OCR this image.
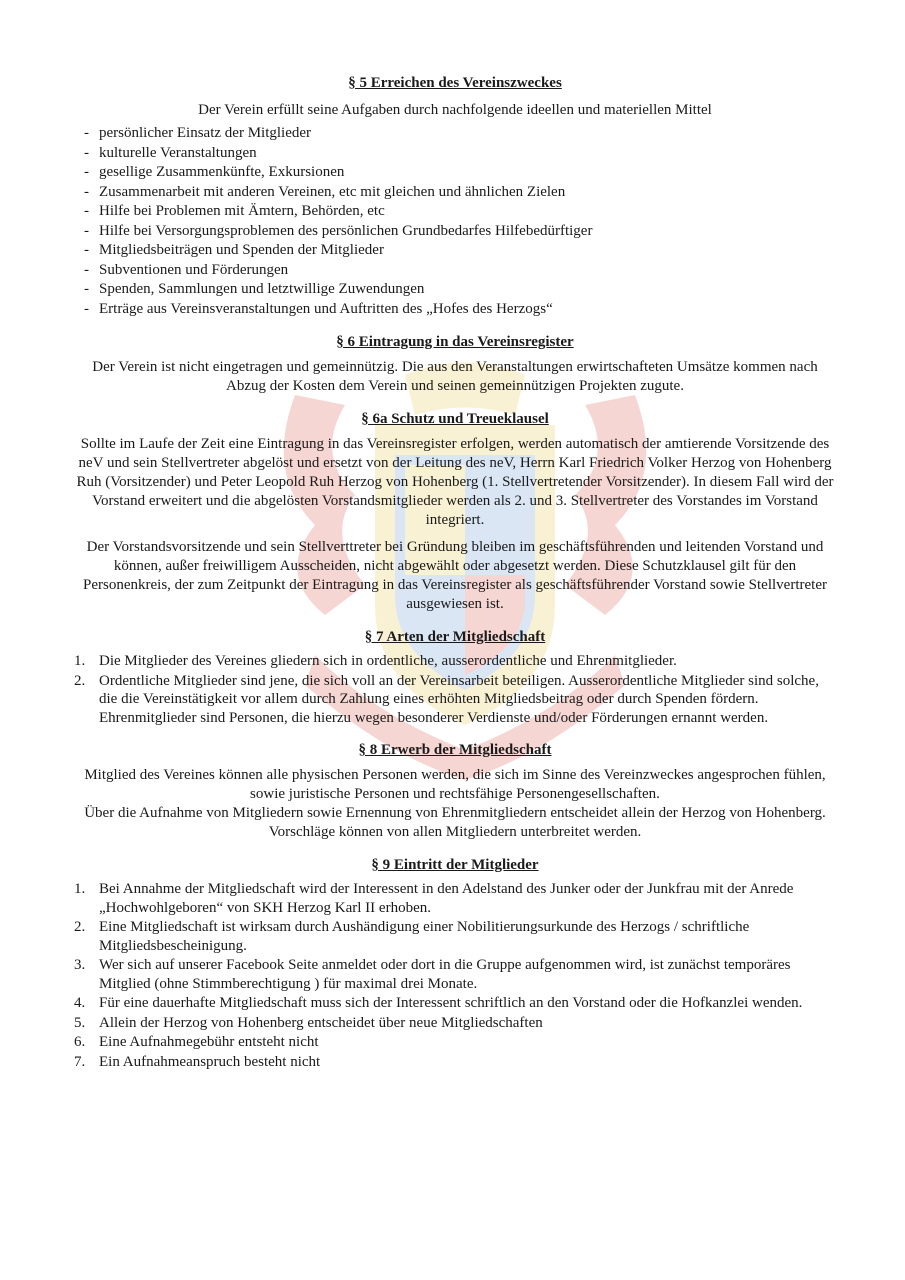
§ 5 Erreichen des Vereinszweckes
Der Verein erfüllt seine Aufgaben durch nachfolgende ideellen und materiellen Mittel
- persönlicher Einsatz der Mitglieder
- kulturelle Veranstaltungen
- gesellige Zusammenkünfte, Exkursionen
- Zusammenarbeit mit anderen Vereinen, etc mit gleichen und ähnlichen Zielen
- Hilfe bei Problemen mit Ämtern, Behörden, etc
- Hilfe bei Versorgungsproblemen des persönlichen Grundbedarfes Hilfebedürftiger
- Mitgliedsbeiträgen und Spenden der Mitglieder
- Subventionen und Förderungen
- Spenden, Sammlungen und letztwillige Zuwendungen
- Erträge aus Vereinsveranstaltungen und Auftritten des „Hofes des Herzogs“
§ 6 Eintragung in das Vereinsregister
Der Verein ist nicht eingetragen und gemeinnützig. Die aus den Veranstaltungen erwirtschafteten Umsätze kommen nach Abzug der Kosten dem Verein und seinen gemeinnützigen Projekten zugute.
§ 6a Schutz und Treueklausel
Sollte im Laufe der Zeit eine Eintragung in das Vereinsregister erfolgen, werden automatisch der amtierende Vorsitzende des neV und sein Stellvertreter abgelöst und ersetzt von der Leitung des neV, Herrn Karl Friedrich Volker Herzog von Hohenberg Ruh (Vorsitzender) und Peter Leopold Ruh Herzog von Hohenberg (1. Stellvertretender Vorsitzender). In diesem Fall wird der Vorstand erweitert und die abgelösten Vorstandsmitglieder werden als 2. und 3. Stellvertreter des Vorstandes im Vorstand integriert.
Der Vorstandsvorsitzende und sein Stellverttreter bei Gründung bleiben im geschäftsführenden und leitenden Vorstand und können, außer freiwilligem Ausscheiden, nicht abgewählt oder abgesetzt werden. Diese Schutzklausel gilt für den Personenkreis, der zum Zeitpunkt der Eintragung in das Vereinsregister als geschäftsführender Vorstand sowie Stellvertreter ausgewiesen ist.
§ 7 Arten der Mitgliedschaft
1. Die Mitglieder des Vereines gliedern sich in ordentliche, ausserordentliche und Ehrenmitglieder.
2. Ordentliche Mitglieder sind jene, die sich voll an der Vereinsarbeit beteiligen. Ausserordentliche Mitglieder sind solche, die die Vereinstätigkeit vor allem durch Zahlung eines erhöhten Mitgliedsbeitrag oder durch Spenden fördern. Ehrenmitglieder sind Personen, die hierzu wegen besonderer Verdienste und/oder Förderungen ernannt werden.
§ 8 Erwerb der Mitgliedschaft
Mitglied des Vereines können alle physischen Personen werden, die sich im Sinne des Vereinzweckes angesprochen fühlen, sowie juristische Personen und rechtsfähige Personengesellschaften.
Über die Aufnahme von Mitgliedern sowie Ernennung von Ehrenmitgliedern entscheidet allein der Herzog von Hohenberg. Vorschläge können von allen Mitgliedern unterbreitet werden.
§ 9 Eintritt der Mitglieder
1. Bei Annahme der Mitgliedschaft wird der Interessent in den Adelstand des Junker oder der Junkfrau mit der Anrede „Hochwohlgeboren“ von SKH Herzog Karl II erhoben.
2. Eine Mitgliedschaft ist wirksam durch Aushändigung einer Nobilitierungsurkunde des Herzogs / schriftliche Mitgliedsbescheinigung.
3. Wer sich auf unserer Facebook Seite anmeldet oder dort in die Gruppe aufgenommen wird, ist zunächst temporäres Mitglied (ohne Stimmberechtigung ) für maximal drei Monate.
4. Für eine dauerhafte Mitgliedschaft muss sich der Interessent schriftlich an den Vorstand oder die Hofkanzlei wenden.
5. Allein der Herzog von Hohenberg entscheidet über neue Mitgliedschaften
6. Eine Aufnahmegebühr entsteht nicht
7. Ein Aufnahmeanspruch besteht nicht
